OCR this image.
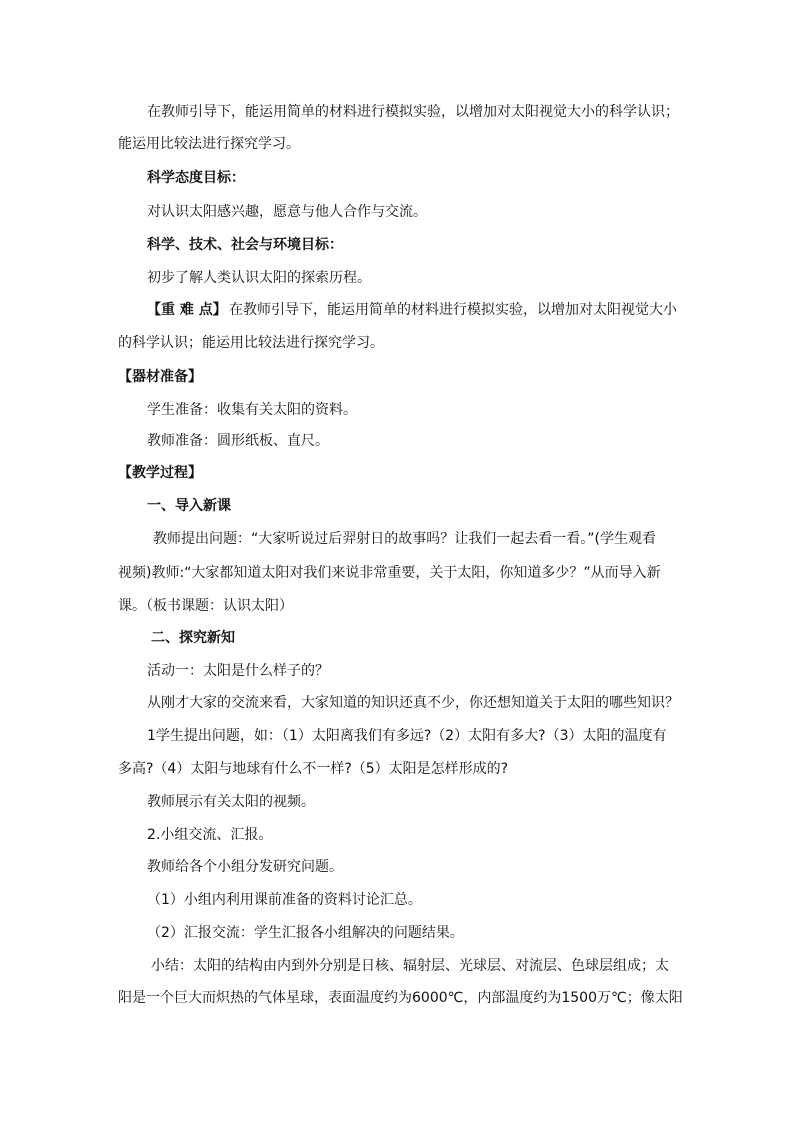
在教师引导下，能运用简单的材料进行模拟实验，以增加对太阳视觉大小的科学认识；
能运用比较法进行探究学习。
科学态度目标：
对认识太阳感兴趣，愿意与他人合作与交流。
科学、技术、社会与环境目标：
初步了解人类认识太阳的探索历程。
【重 难 点】 在教师引导下，能运用简单的材料进行模拟实验，以增加对太阳视觉大小
的科学认识；能运用比较法进行探究学习。
【器材准备】
学生准备：收集有关太阳的资料。
教师准备：圆形纸板、直尺。
【教学过程】
一、导入新课
教师提出问题：“大家听说过后羿射日的故事吗？让我们一起去看一看。”(学生观看
视频)教师:“大家都知道太阳对我们来说非常重要，关于太阳，你知道多少？”从而导入新
课。（板书课题：认识太阳）
二、探究新知
活动一：太阳是什么样子的？
从刚才大家的交流来看，大家知道的知识还真不少，你还想知道关于太阳的哪些知识？
1学生提出问题，如：（1）太阳离我们有多远?（2）太阳有多大?（3）太阳的温度有
多高?（4）太阳与地球有什么不一样?（5）太阳是怎样形成的?
教师展示有关太阳的视频。
2.小组交流、汇报。
教师给各个小组分发研究问题。
（1）小组内利用课前准备的资料讨论汇总。
（2）汇报交流：学生汇报各小组解决的问题结果。
小结：太阳的结构由内到外分别是日核、辐射层、光球层、对流层、色球层组成；太
阳是一个巨大而炽热的气体星球，表面温度约为6000℃，内部温度约为1500万℃；像太阳
